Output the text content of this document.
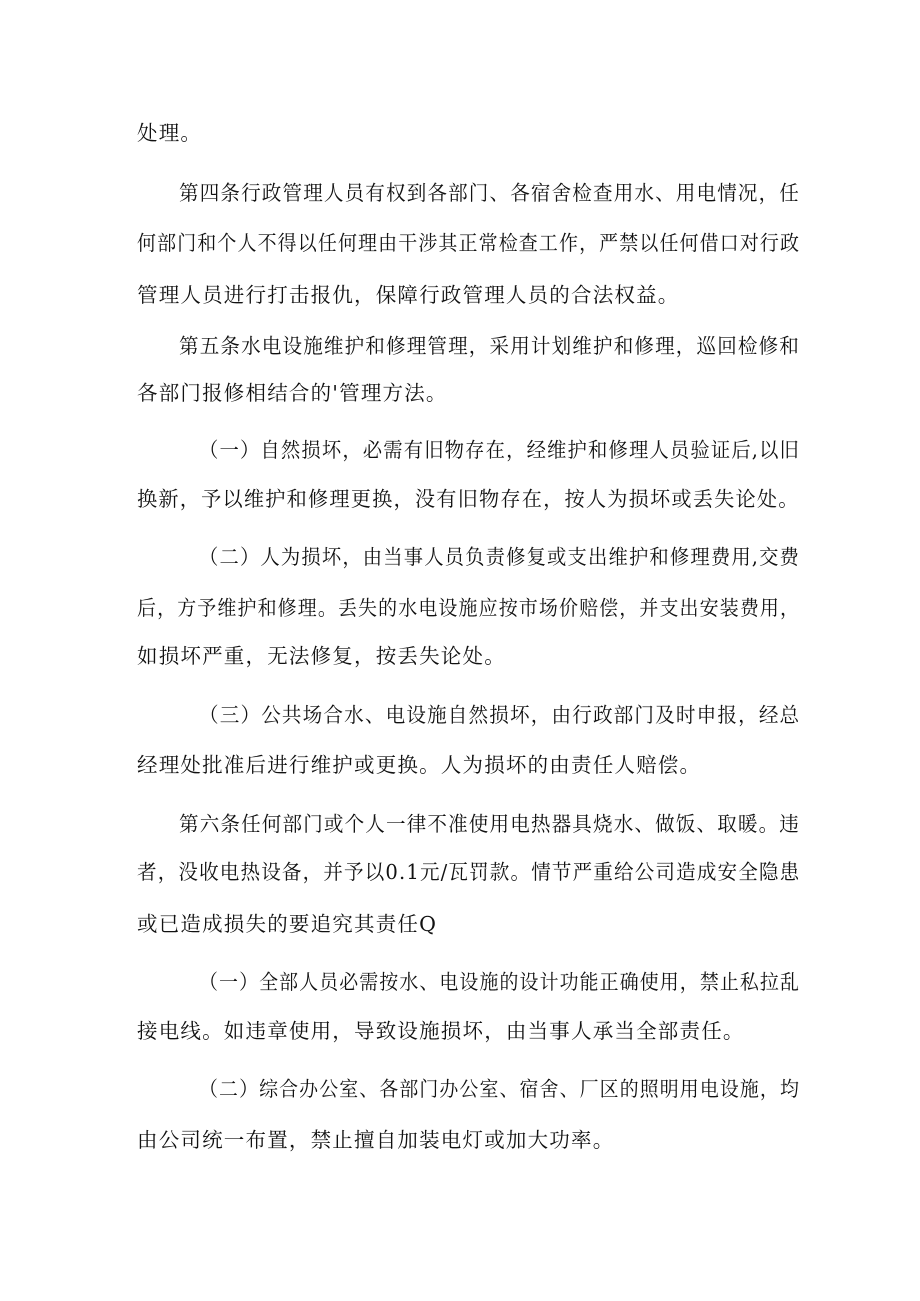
处理。
第四条行政管理人员有权到各部门、各宿舍检查用水、用电情况，任
何部门和个人不得以任何理由干涉其正常检查工作，严禁以任何借口对行政
管理人员进行打击报仇，保障行政管理人员的合法权益。
第五条水电设施维护和修理管理，采用计划维护和修理，巡回检修和
各部门报修相结合的'管理方法。
（一）自然损坏，必需有旧物存在，经维护和修理人员验证后,以旧
换新，予以维护和修理更换，没有旧物存在，按人为损坏或丢失论处。
（二）人为损坏，由当事人员负责修复或支出维护和修理费用,交费
后，方予维护和修理。丢失的水电设施应按市场价赔偿，并支出安装费用，
如损坏严重，无法修复，按丢失论处。
（三）公共场合水、电设施自然损坏，由行政部门及时申报，经总
经理处批准后进行维护或更换。人为损坏的由责任人赔偿。
第六条任何部门或个人一律不准使用电热器具烧水、做饭、取暖。违
者，没收电热设备，并予以0.1元/瓦罚款。情节严重给公司造成安全隐患
或已造成损失的要追究其责任Q
（一）全部人员必需按水、电设施的设计功能正确使用，禁止私拉乱
接电线。如违章使用，导致设施损坏，由当事人承当全部责任。
（二）综合办公室、各部门办公室、宿舍、厂区的照明用电设施，均
由公司统一布置，禁止擅自加装电灯或加大功率。
